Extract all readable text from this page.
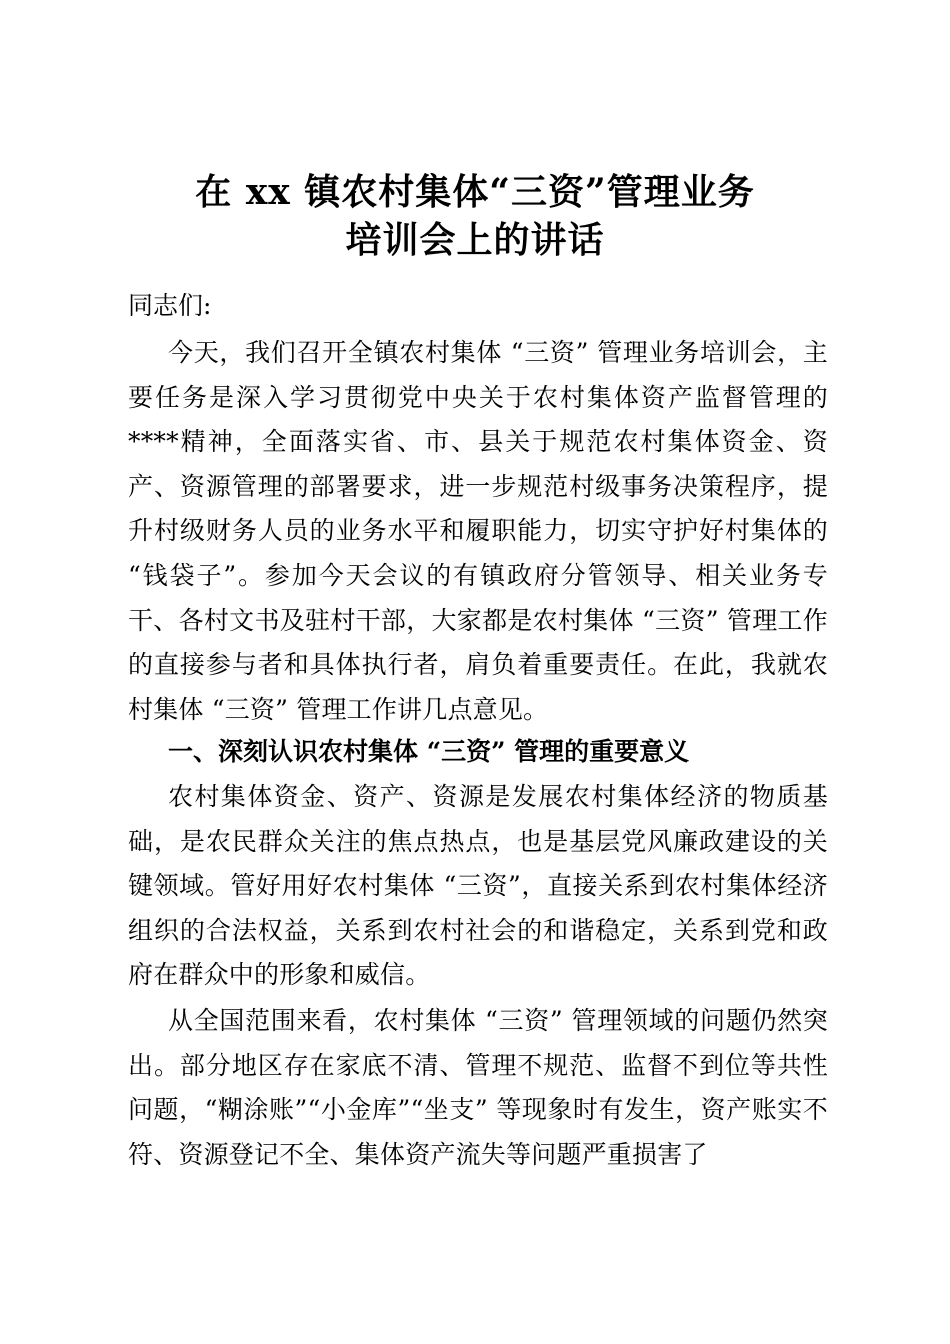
在 xx 镇农村集体“三资”管理业务
培训会上的讲话
同志们:

今天，我们召开全镇农村集体 “三资” 管理业务培训会，主要任务是深入学习贯彻党中央关于农村集体资产监督管理的****精神，全面落实省、市、县关于规范农村集体资金、资产、资源管理的部署要求，进一步规范村级事务决策程序，提升村级财务人员的业务水平和履职能力，切实守护好村集体的 “钱袋子”。参加今天会议的有镇政府分管领导、相关业务专干、各村文书及驻村干部，大家都是农村集体 “三资” 管理工作的直接参与者和具体执行者，肩负着重要责任。在此，我就农村集体 “三资” 管理工作讲几点意见。

一、深刻认识农村集体 “三资” 管理的重要意义

农村集体资金、资产、资源是发展农村集体经济的物质基础，是农民群众关注的焦点热点，也是基层党风廉政建设的关键领域。管好用好农村集体 “三资”，直接关系到农村集体经济组织的合法权益，关系到农村社会的和谐稳定，关系到党和政府在群众中的形象和威信。

从全国范围来看，农村集体 “三资” 管理领域的问题仍然突出。部分地区存在家底不清、管理不规范、监督不到位等共性问题，“糊涂账”“小金库”“坐支” 等现象时有发生，资产账实不符、资源登记不全、集体资产流失等问题严重损害了
